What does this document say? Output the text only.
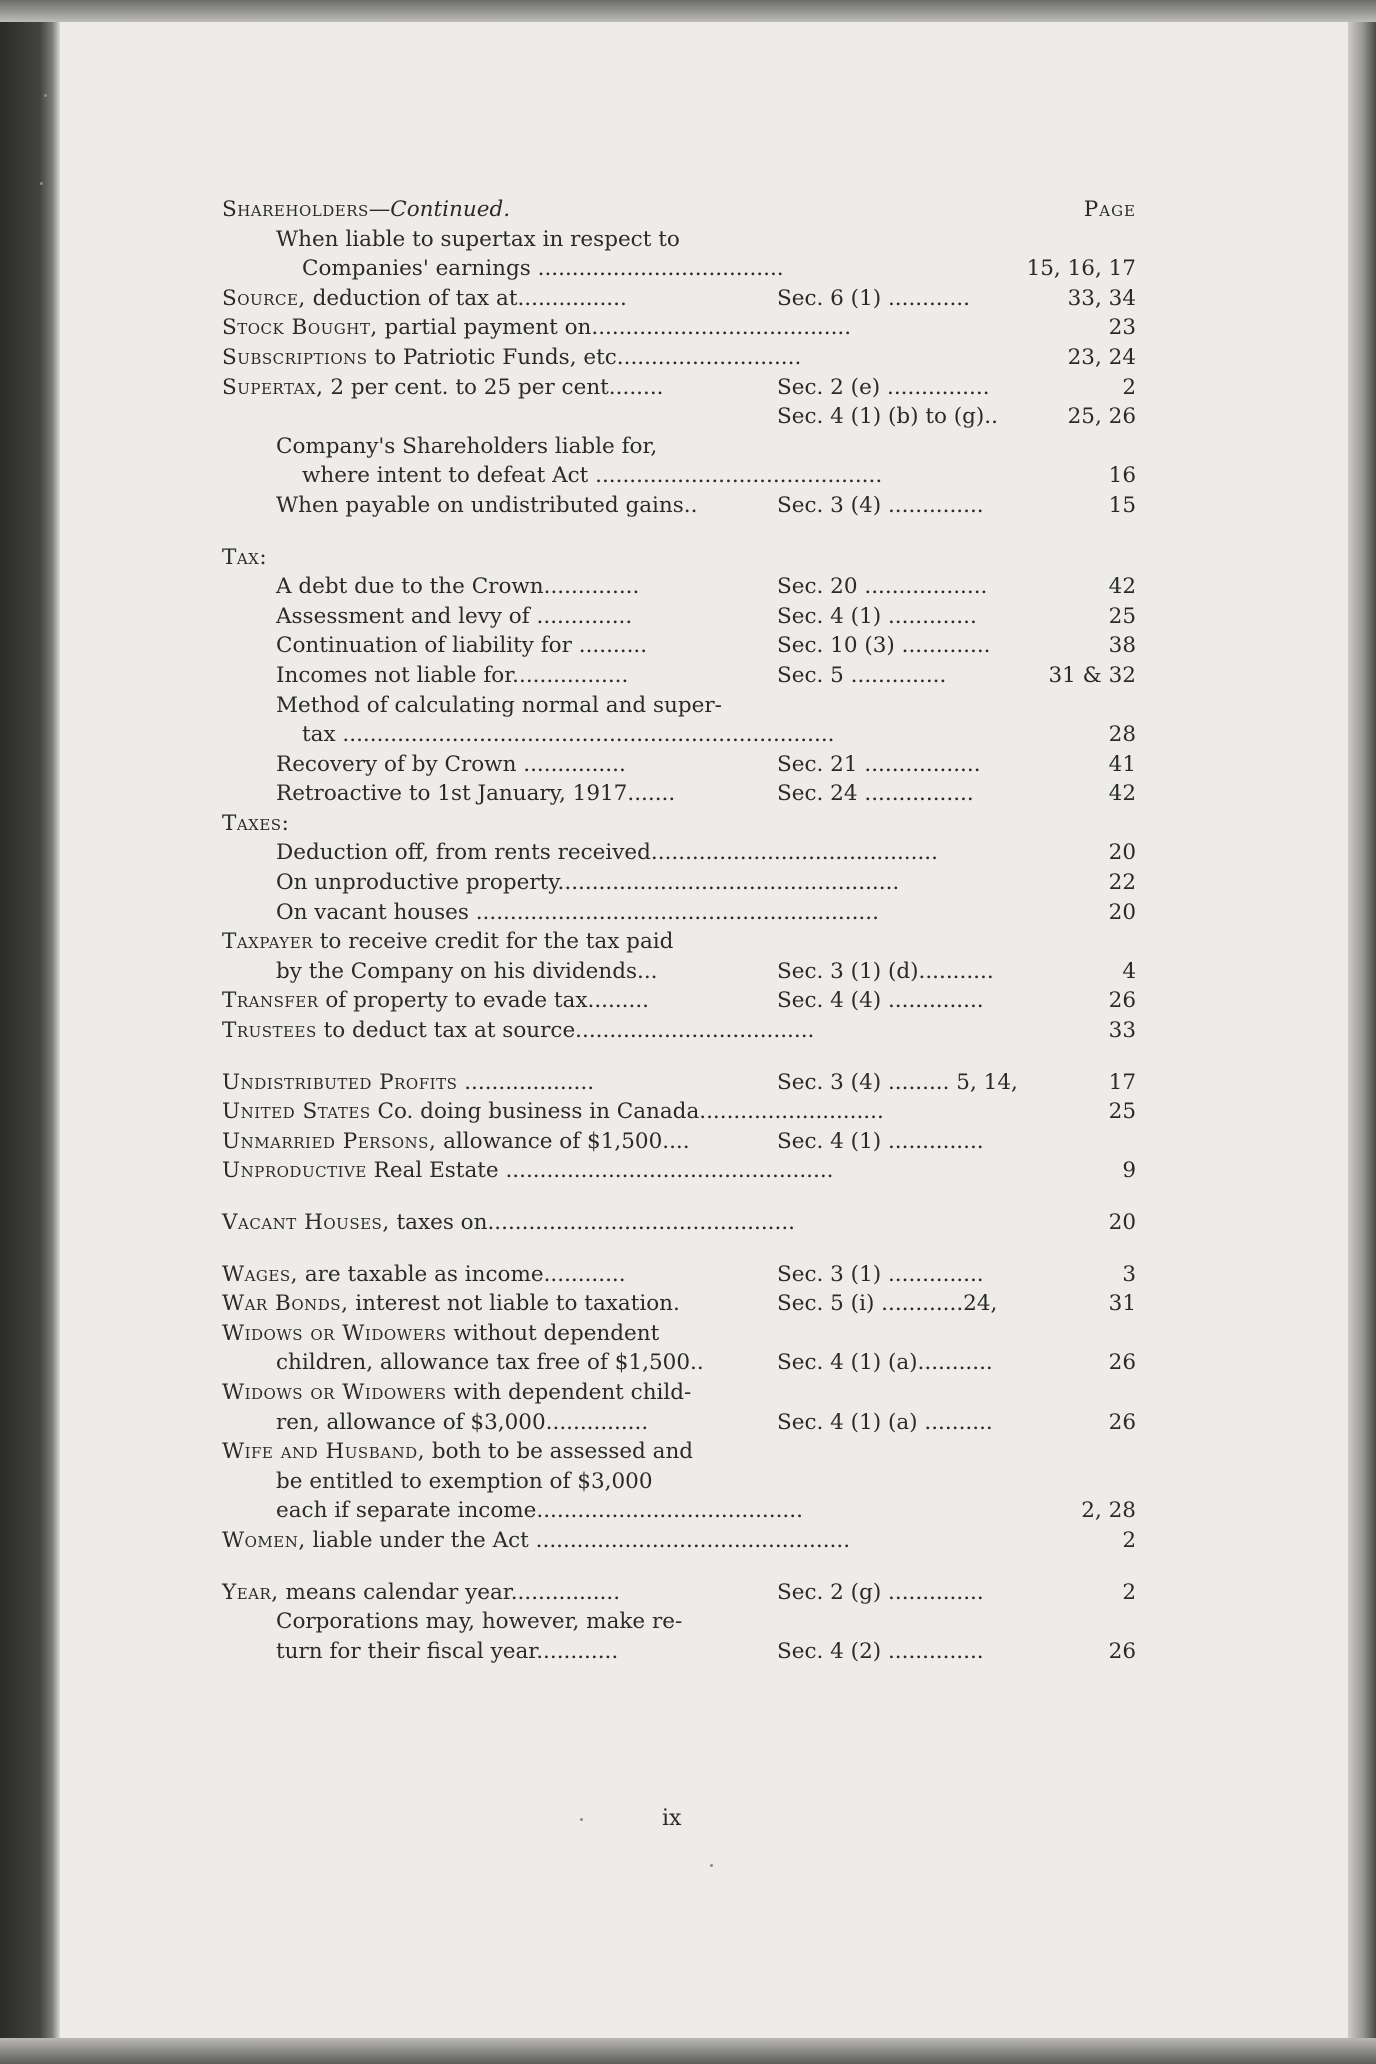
Shareholders—Continued.	Page
When liable to supertax in respect to
Companies' earnings ....................................	15, 16, 17
Source, deduction of tax at................	Sec. 6 (1) ............	33, 34
Stock Bought, partial payment on......................................	23
Subscriptions to Patriotic Funds, etc...........................	23, 24
Supertax, 2 per cent. to 25 per cent........	Sec. 2 (e) ...............	2
Sec. 4 (1) (b) to (g)..	25, 26
Company's Shareholders liable for,
where intent to defeat Act ..........................................	16
When payable on undistributed gains..	Sec. 3 (4) ..............	15
Tax:
A debt due to the Crown..............	Sec. 20 ..................	42
Assessment and levy of ..............	Sec. 4 (1) .............	25
Continuation of liability for ..........	Sec. 10 (3) .............	38
Incomes not liable for.................	Sec. 5 ..............	31 & 32
Method of calculating normal and super-
tax ........................................................................	28
Recovery of by Crown ...............	Sec. 21 .................	41
Retroactive to 1st January, 1917.......	Sec. 24 ................	42
Taxes:
Deduction off, from rents received..........................................	20
On unproductive property..................................................	22
On vacant houses ...........................................................	20
Taxpayer to receive credit for the tax paid
by the Company on his dividends...	Sec. 3 (1) (d)...........	4
Transfer of property to evade tax.........	Sec. 4 (4) ..............	26
Trustees to deduct tax at source...................................	33
Undistributed Profits ...................	Sec. 3 (4) ......... 5, 14,	17
United States Co. doing business in Canada...........................	25
Unmarried Persons, allowance of $1,500....	Sec. 4 (1) ..............
Unproductive Real Estate ................................................	9
Vacant Houses, taxes on.............................................	20
Wages, are taxable as income............	Sec. 3 (1) ..............	3
War Bonds, interest not liable to taxation.	Sec. 5 (i) ............24,	31
Widows or Widowers without dependent
children, allowance tax free of $1,500..	Sec. 4 (1) (a)...........	26
Widows or Widowers with dependent child-
ren, allowance of $3,000...............	Sec. 4 (1) (a) ..........	26
Wife and Husband, both to be assessed and
be entitled to exemption of $3,000
each if separate income.......................................	2, 28
Women, liable under the Act ..............................................	2
Year, means calendar year................	Sec. 2 (g) ..............	2
Corporations may, however, make re-
turn for their fiscal year............	Sec. 4 (2) ..............	26
ix
